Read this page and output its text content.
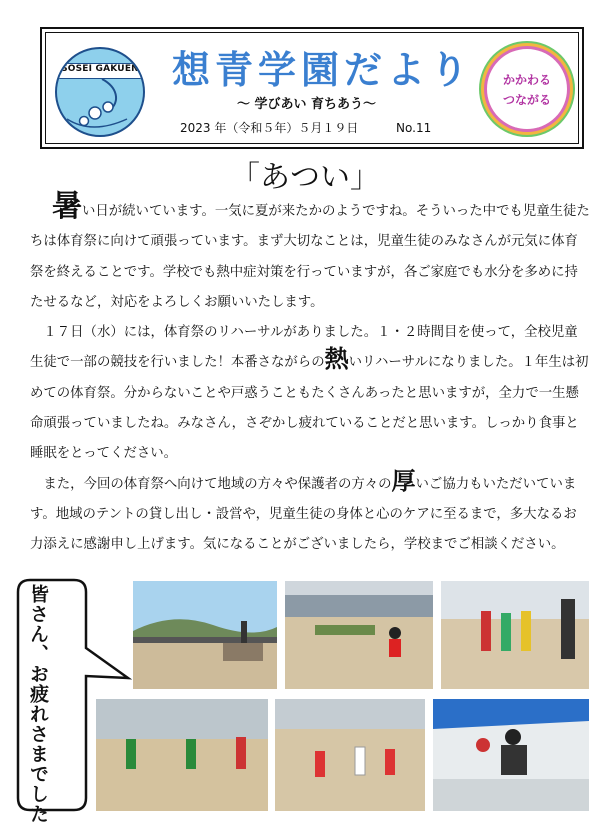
SOSEI GAKUEN 想青学園だより
～ 学びあい 育ちあう～
2023 年（令和５年）５月１９日	No.11
かかわる
つながる
「あつい」

暑い日が続いています。一気に夏が来たかのようですね。そういった中でも児童生徒たちは体育祭に向けて頑張っています。まず大切なことは，児童生徒のみなさんが元気に体育祭を終えることです。学校でも熱中症対策を行っていますが，各ご家庭でも水分を多めに持たせるなど，対応をよろしくお願いいたします。

１７日（水）には，体育祭のリハーサルがありました。１・２時間目を使って，全校児童生徒で一部の競技を行いました！本番さながらの熱いリハーサルになりました。１年生は初めての体育祭。分からないことや戸惑うこともたくさんあったと思いますが，全力で一生懸命頑張っていましたね。みなさん，さぞかし疲れていることだと思います。しっかり食事と睡眠をとってください。

また，今回の体育祭へ向けて地域の方々や保護者の方々の厚いご協力もいただいています。地域のテントの貸し出し・設営や，児童生徒の身体と心のケアに至るまで，多大なるお力添えに感謝申し上げます。気になることがございましたら，学校までご相談ください。

皆さん、お疲れさまでした
